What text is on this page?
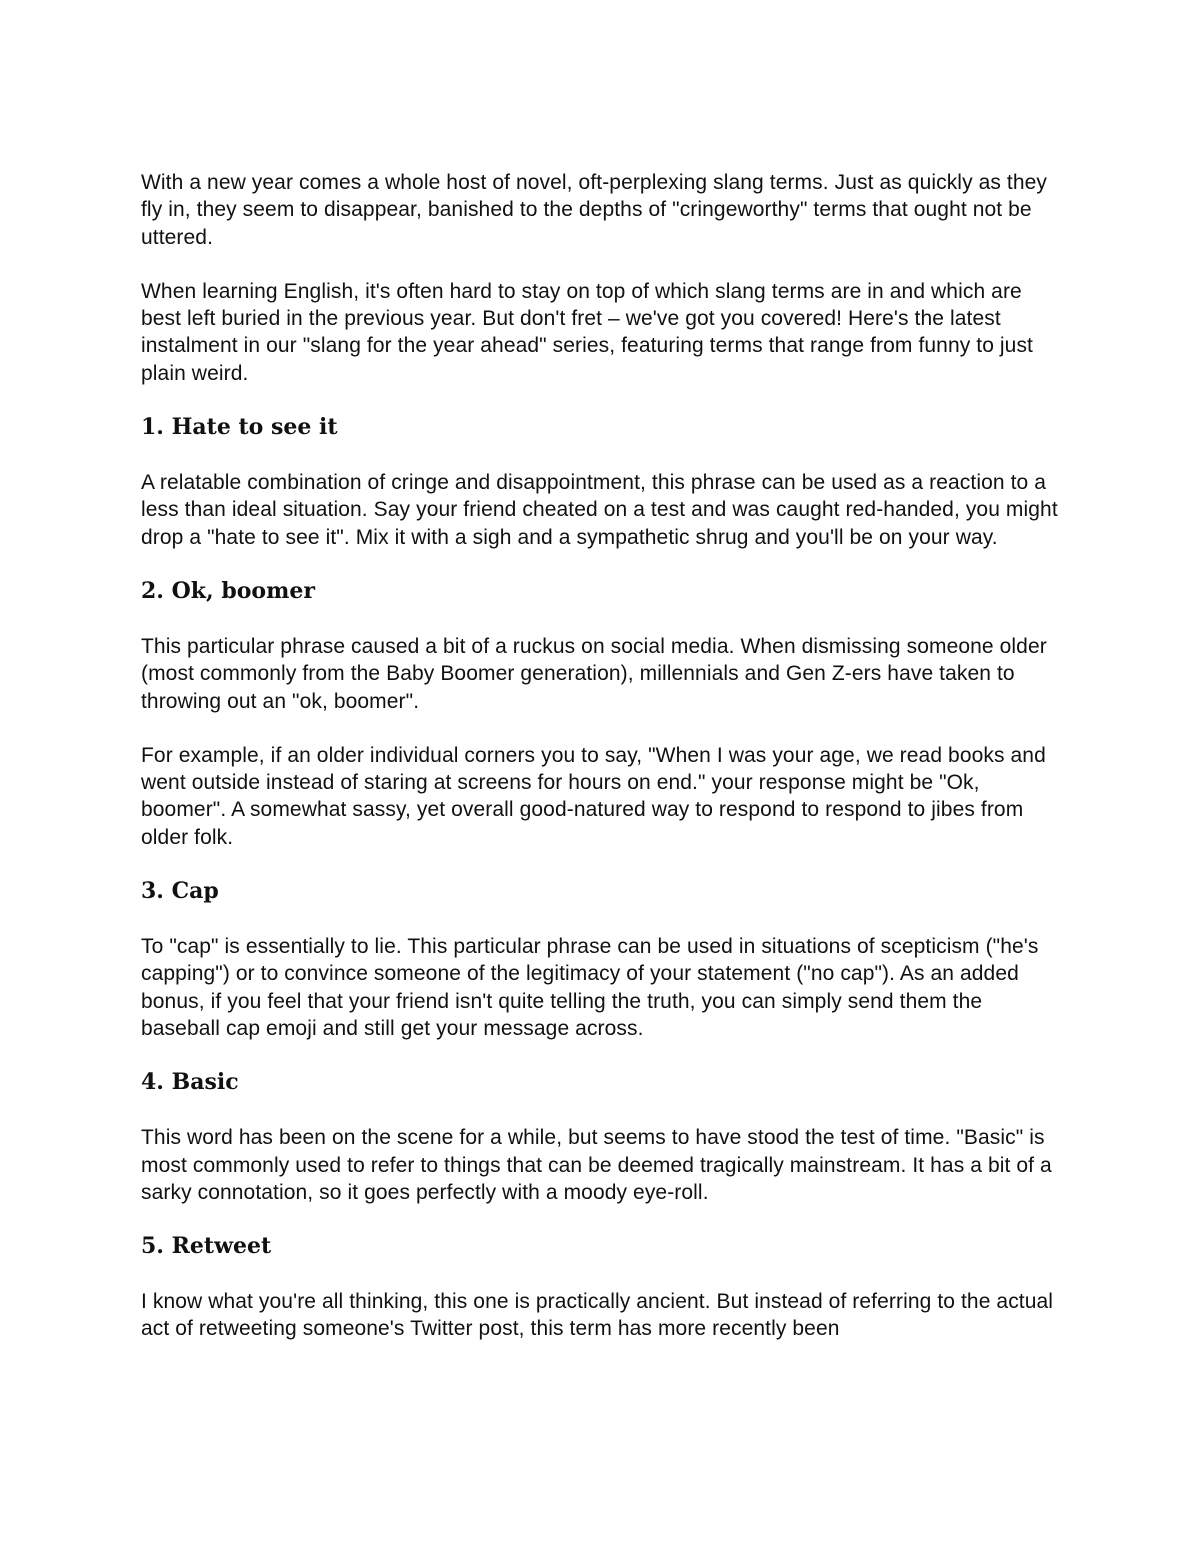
With a new year comes a whole host of novel, oft-perplexing slang terms. Just as quickly as they fly in, they seem to disappear, banished to the depths of "cringeworthy" terms that ought not be uttered.

When learning English, it's often hard to stay on top of which slang terms are in and which are best left buried in the previous year. But don't fret – we've got you covered! Here's the latest instalment in our "slang for the year ahead" series, featuring terms that range from funny to just plain weird.

1. Hate to see it

A relatable combination of cringe and disappointment, this phrase can be used as a reaction to a less than ideal situation. Say your friend cheated on a test and was caught red-handed, you might drop a "hate to see it". Mix it with a sigh and a sympathetic shrug and you'll be on your way.

2. Ok, boomer

This particular phrase caused a bit of a ruckus on social media. When dismissing someone older (most commonly from the Baby Boomer generation), millennials and Gen Z-ers have taken to throwing out an "ok, boomer".

For example, if an older individual corners you to say, "When I was your age, we read books and went outside instead of staring at screens for hours on end." your response might be "Ok, boomer". A somewhat sassy, yet overall good-natured way to respond to respond to jibes from older folk.

3. Cap

To "cap" is essentially to lie. This particular phrase can be used in situations of scepticism ("he's capping") or to convince someone of the legitimacy of your statement ("no cap"). As an added bonus, if you feel that your friend isn't quite telling the truth, you can simply send them the baseball cap emoji and still get your message across.

4. Basic

This word has been on the scene for a while, but seems to have stood the test of time. "Basic" is most commonly used to refer to things that can be deemed tragically mainstream. It has a bit of a sarky connotation, so it goes perfectly with a moody eye-roll.

5. Retweet

I know what you're all thinking, this one is practically ancient. But instead of referring to the actual act of retweeting someone's Twitter post, this term has more recently been
